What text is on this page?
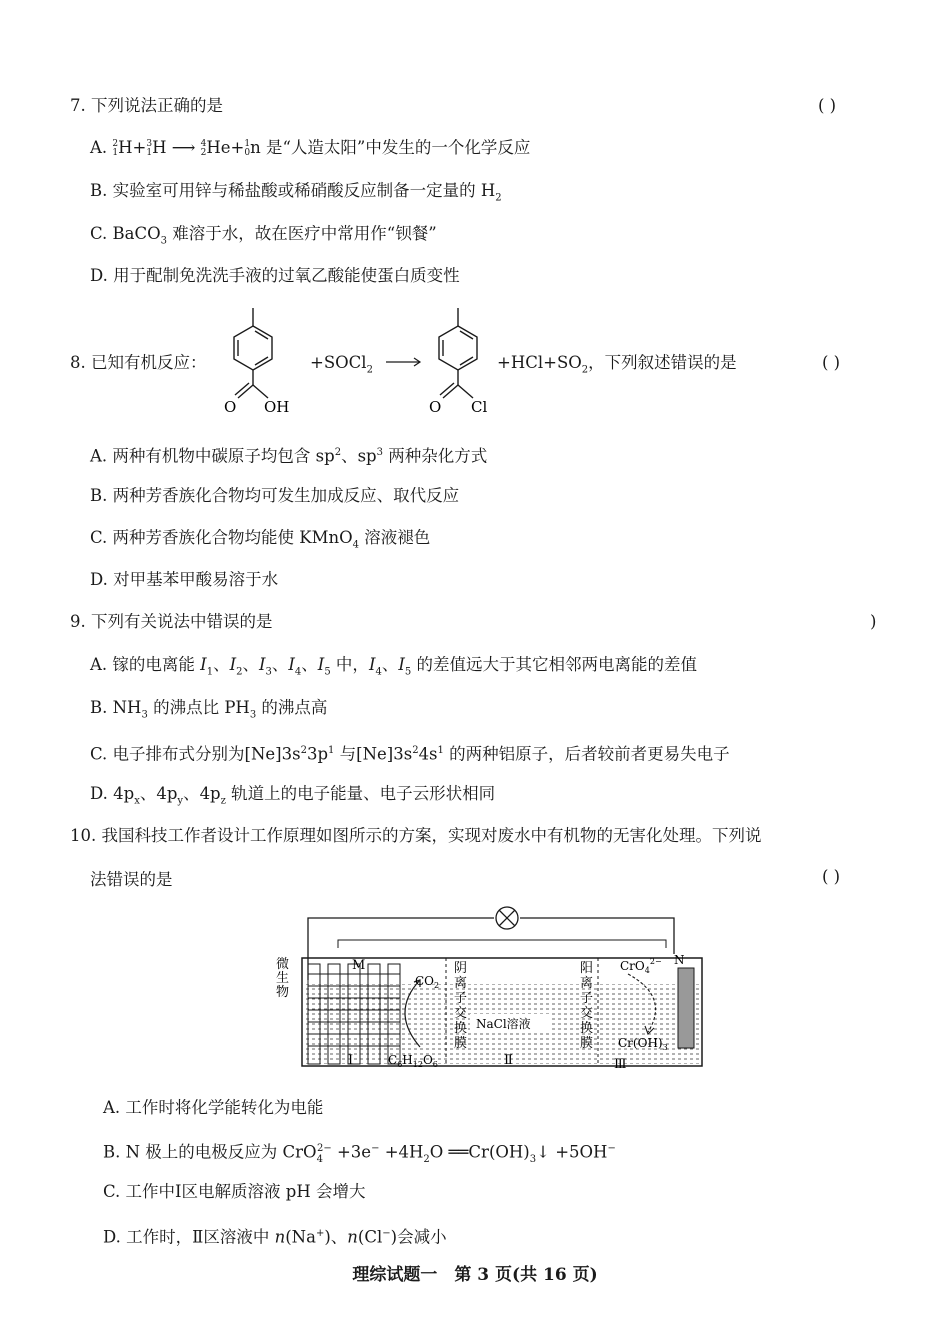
7. 下列说法正确的是	( )
A. 2
1 H+ 3
1 H ⟶ 4
2 He+ 1
0 n 是“人造太阳”中发生的一个化学反应
B. 实验室可用锌与稀盐酸或稀硝酸反应制备一定量的 $H_2$
C. BaCO$_3$ 难溶于水，故在医疗中常用作“钡餐”
D. 用于配制免洗洗手液的过氧乙酸能使蛋白质变性
8. 已知有机反应：
O OH	O Cl
+SOCl$_2$	$+HCl+SO_2$，下列叙述错误的是	( )
A. 两种有机物中碳原子均包含 $sp^2$、$sp^3$ 两种杂化方式
B. 两种芳香族化合物均可发生加成反应、取代反应
C. 两种芳香族化合物均能使 KMnO$_4$ 溶液褪色
D. 对甲基苯甲酸易溶于水
9. 下列有关说法中错误的是	)
A. 镓的电离能 $I_1$、$I_2$、$I_3$、$I_4$、$I_5$ 中，$I_4$、$I_5$ 的差值远大于其它相邻两电离能的差值
B. $NH_3$ 的沸点比 $PH_3$ 的沸点高
C. 电子排布式分别为$[Ne]3s^23p^1$ 与$[Ne]3s^24s^1$ 的两种铝原子，后者较前者更易失电子
D. $4p_x$、$4p_y$、$4p_z$ 轨道上的电子能量、电子云形状相同
10. 我国科技工作者设计工作原理如图所示的方案，实现对废水中有机物的无害化处理。下列说
法错误的是	( )
微
生
物
M
$CO_2$
$C_6H_{12}O_6$
阴
离
子
交
换
膜
阳
离
子
交
换
膜
NaCl溶液
CrO$_4^{2-}$ N
$Cr(OH)_3$
Ⅰ	Ⅱ	Ⅲ
A. 工作时将化学能转化为电能
B. N 极上的电极反应为 $CrO_4^{2-} +3e^- +4H_2O$ $══Cr(OH)_3↓ +5OH^-$
C. 工作中Ⅰ区电解质溶液 pH 会增大
D. 工作时，Ⅱ区溶液中 n(Na+)、n(Cl−)会减小
理综试题一　第 3 页(共 16 页)
